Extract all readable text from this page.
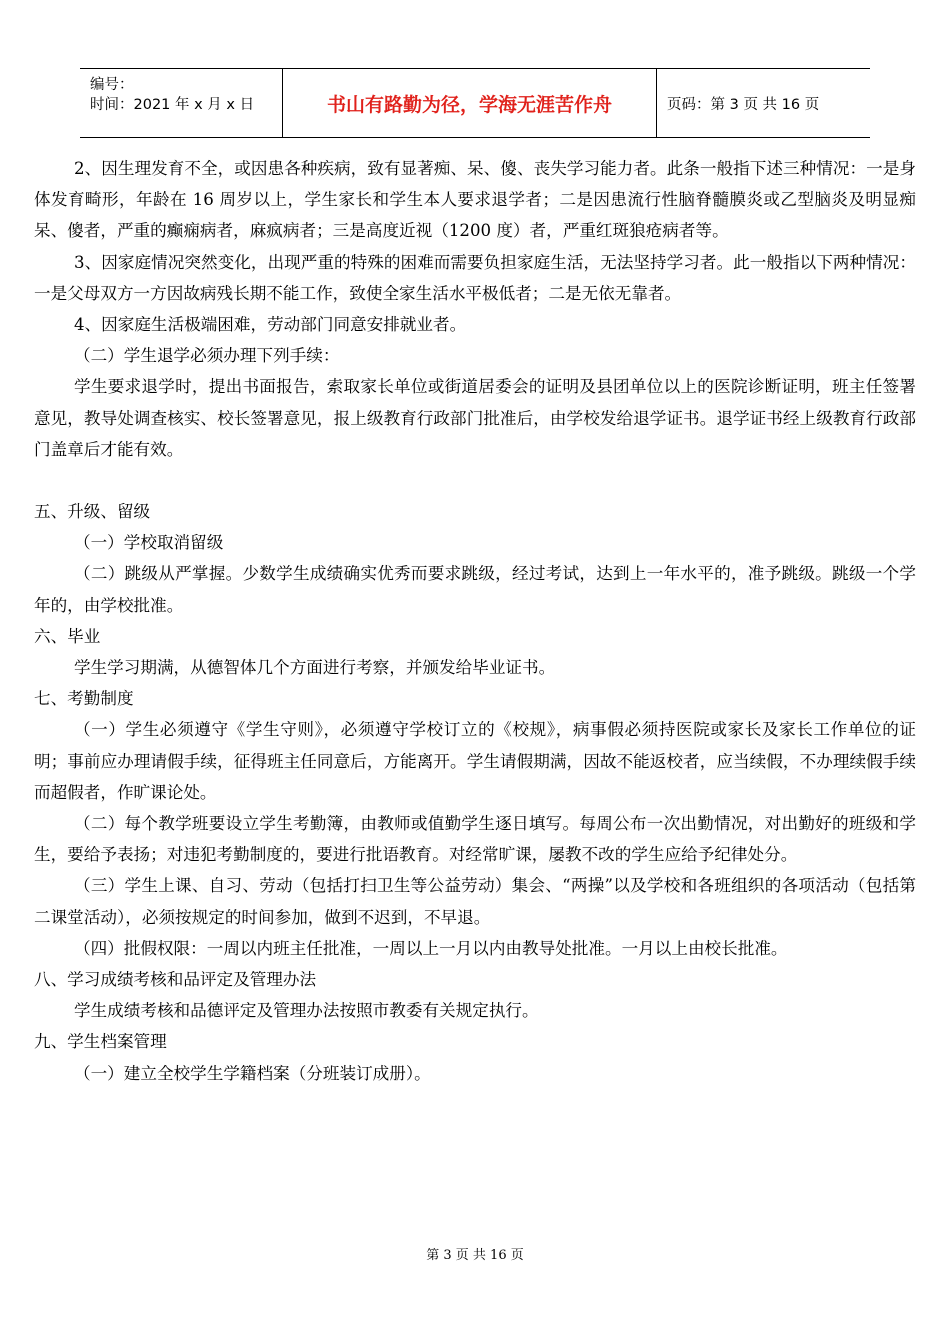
编号：
时间：2021 年 x 月 x 日	书山有路勤为径，学海无涯苦作舟	页码：第 3 页 共 16 页

2、因生理发育不全，或因患各种疾病，致有显著痴、呆、傻、丧失学习能力者。此条一般指下述三种情况：一是身体发育畸形，年龄在 16 周岁以上，学生家长和学生本人要求退学者；二是因患流行性脑脊髓膜炎或乙型脑炎及明显痴呆、傻者，严重的癫痫病者，麻疯病者；三是高度近视（1200 度）者，严重红斑狼疮病者等。

3、因家庭情况突然变化，出现严重的特殊的困难而需要负担家庭生活，无法坚持学习者。此一般指以下两种情况：一是父母双方一方因故病残长期不能工作，致使全家生活水平极低者；二是无依无靠者。

4、因家庭生活极端困难，劳动部门同意安排就业者。

（二）学生退学必须办理下列手续：

学生要求退学时，提出书面报告，索取家长单位或街道居委会的证明及县团单位以上的医院诊断证明，班主任签署意见，教导处调查核实、校长签署意见，报上级教育行政部门批准后，由学校发给退学证书。退学证书经上级教育行政部门盖章后才能有效。

五、升级、留级

（一）学校取消留级

（二）跳级从严掌握。少数学生成绩确实优秀而要求跳级，经过考试，达到上一年水平的，准予跳级。跳级一个学年的，由学校批准。

六、毕业

学生学习期满，从德智体几个方面进行考察，并颁发给毕业证书。

七、考勤制度

（一）学生必须遵守《学生守则》，必须遵守学校订立的《校规》，病事假必须持医院或家长及家长工作单位的证明；事前应办理请假手续，征得班主任同意后，方能离开。学生请假期满，因故不能返校者，应当续假，不办理续假手续而超假者，作旷课论处。

（二）每个教学班要设立学生考勤簿，由教师或值勤学生逐日填写。每周公布一次出勤情况，对出勤好的班级和学生，要给予表扬；对违犯考勤制度的，要进行批语教育。对经常旷课，屡教不改的学生应给予纪律处分。

（三）学生上课、自习、劳动（包括打扫卫生等公益劳动）集会、“两操”以及学校和各班组织的各项活动（包括第二课堂活动），必须按规定的时间参加，做到不迟到，不早退。

（四）批假权限：一周以内班主任批准，一周以上一月以内由教导处批准。一月以上由校长批准。

八、学习成绩考核和品评定及管理办法

学生成绩考核和品德评定及管理办法按照市教委有关规定执行。

九、学生档案管理

（一）建立全校学生学籍档案（分班装订成册）。

第 3 页 共 16 页
